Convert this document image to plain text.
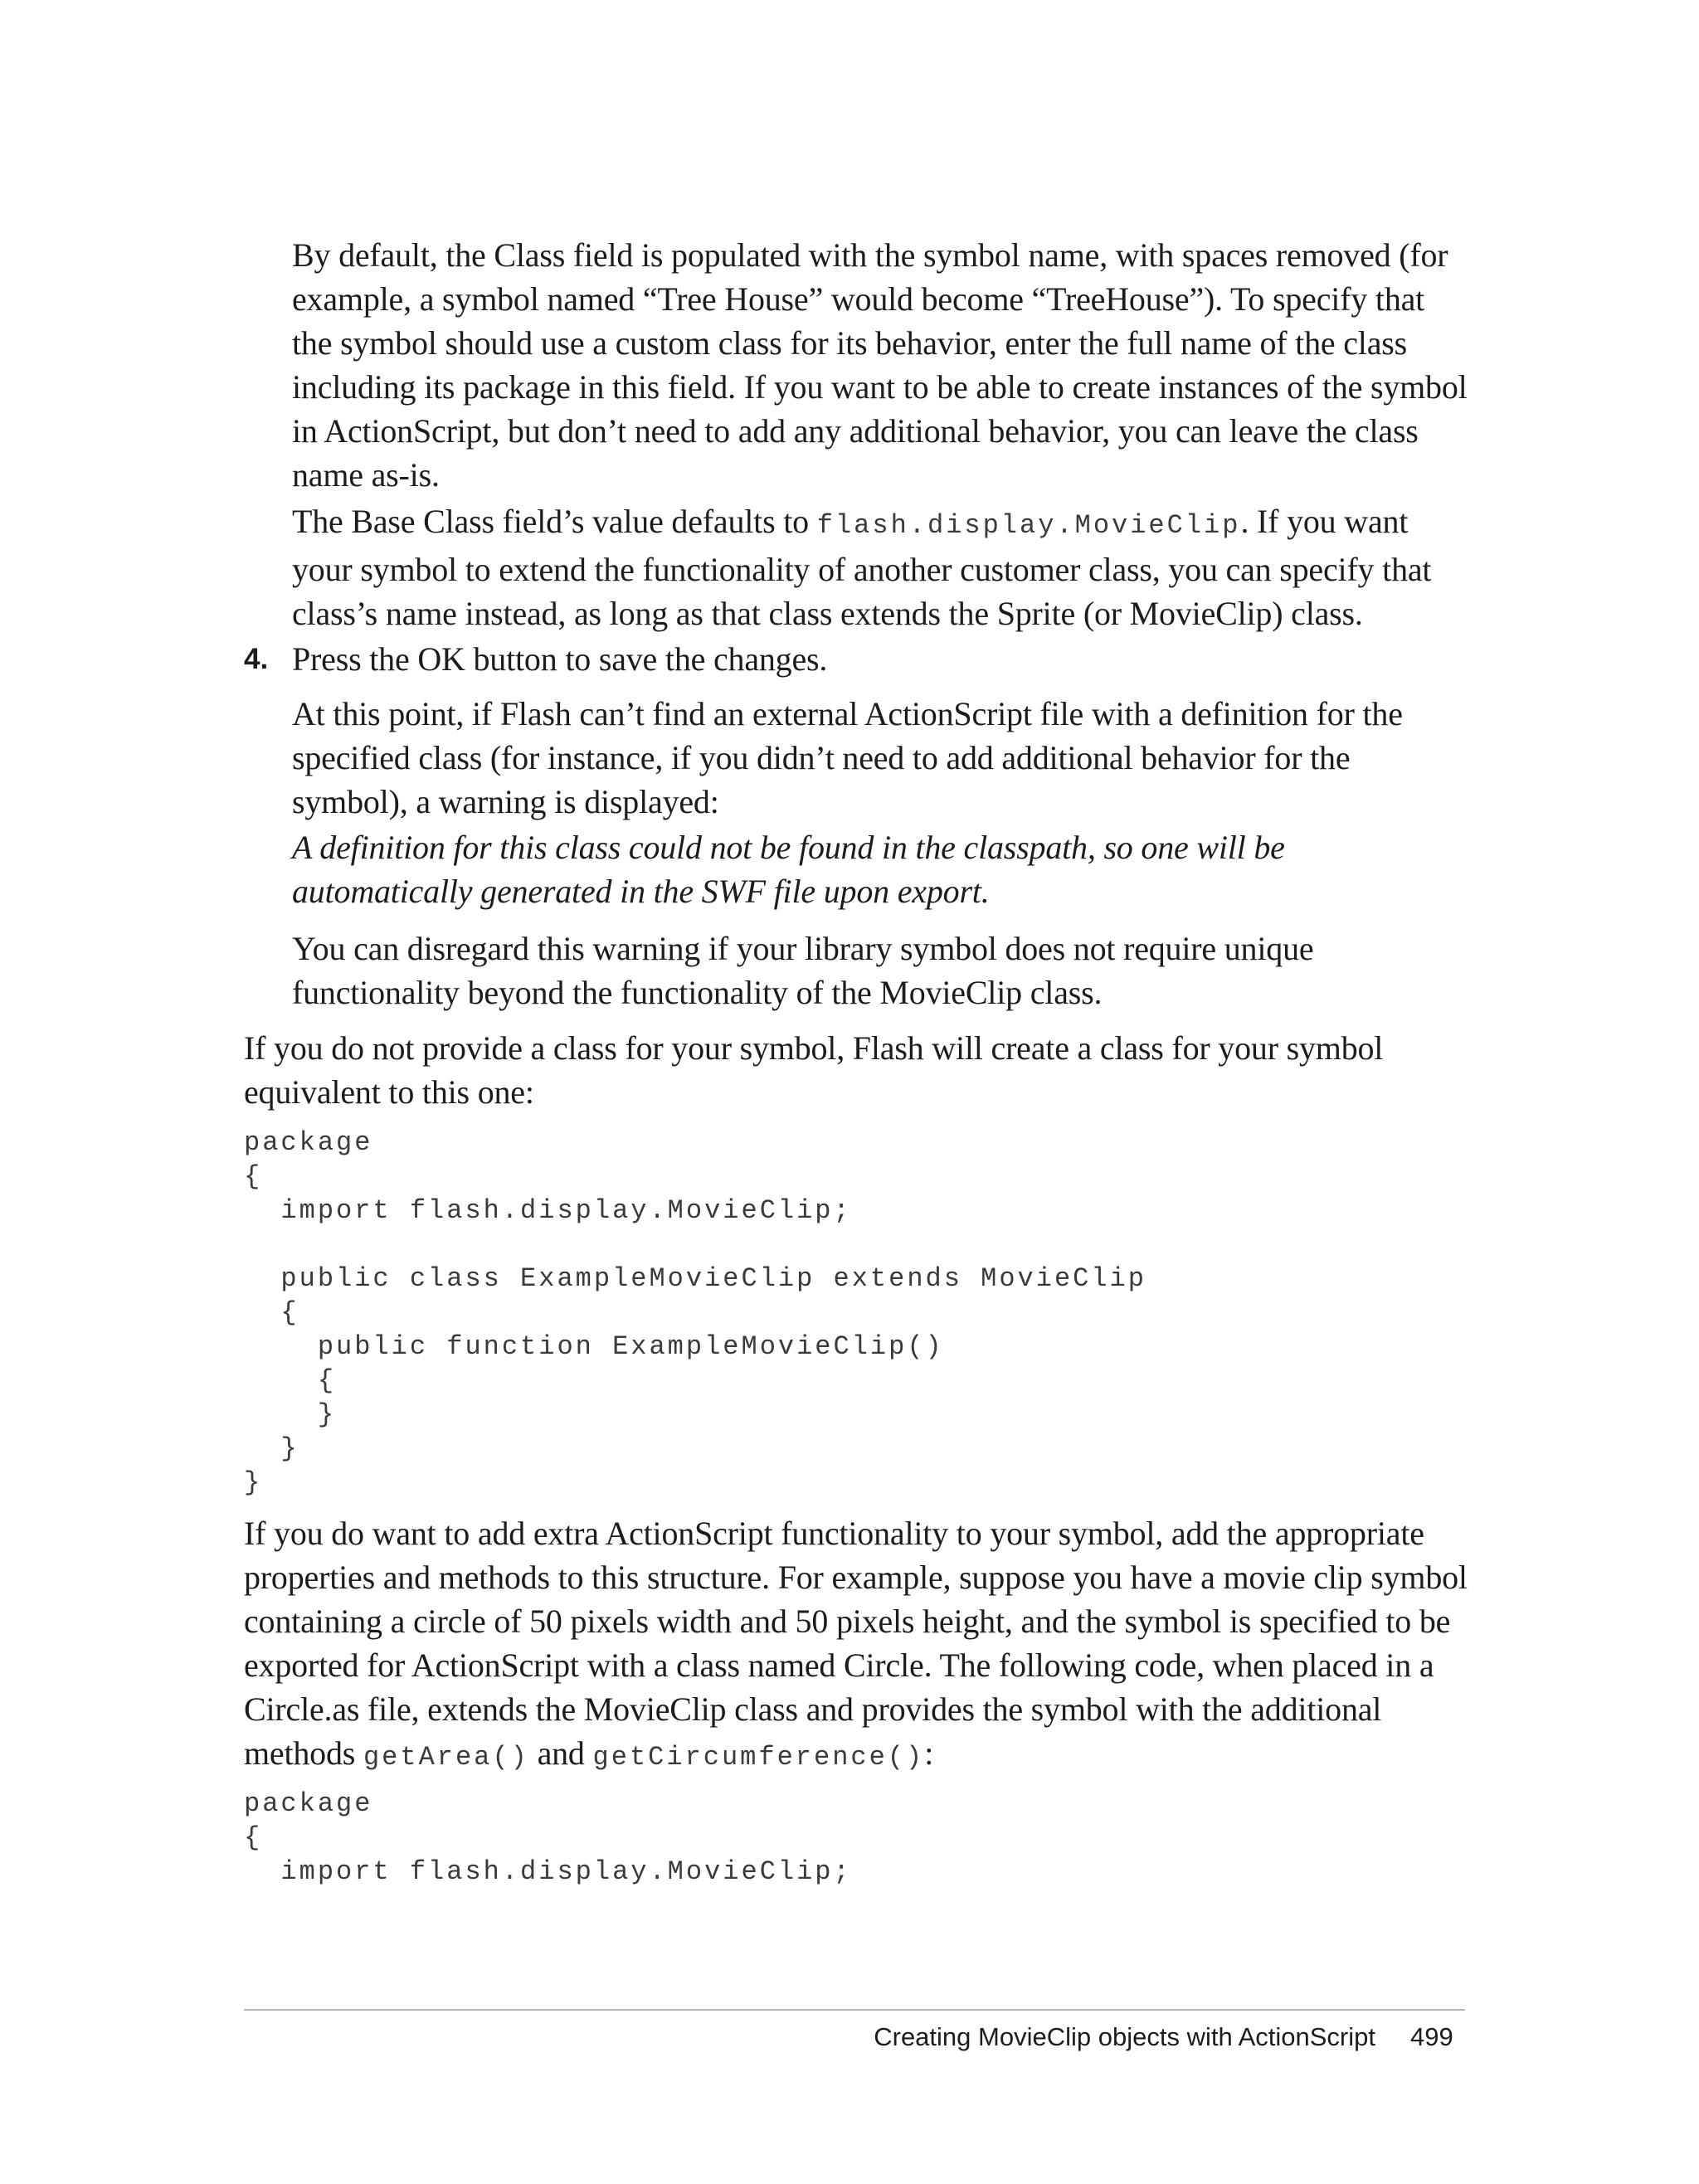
By default, the Class field is populated with the symbol name, with spaces removed (for example, a symbol named “Tree House” would become “TreeHouse”). To specify that the symbol should use a custom class for its behavior, enter the full name of the class including its package in this field. If you want to be able to create instances of the symbol in ActionScript, but don’t need to add any additional behavior, you can leave the class name as-is.

The Base Class field’s value defaults to flash.display.MovieClip. If you want your symbol to extend the functionality of another customer class, you can specify that class’s name instead, as long as that class extends the Sprite (or MovieClip) class.

4. Press the OK button to save the changes.

At this point, if Flash can’t find an external ActionScript file with a definition for the specified class (for instance, if you didn’t need to add additional behavior for the symbol), a warning is displayed:

A definition for this class could not be found in the classpath, so one will be automatically generated in the SWF file upon export.

You can disregard this warning if your library symbol does not require unique functionality beyond the functionality of the MovieClip class.

If you do not provide a class for your symbol, Flash will create a class for your symbol equivalent to this one:

package
{
import flash.display.MovieClip;
public class ExampleMovieClip extends MovieClip
{
public function ExampleMovieClip()
{
}
}
}

If you do want to add extra ActionScript functionality to your symbol, add the appropriate properties and methods to this structure. For example, suppose you have a movie clip symbol containing a circle of 50 pixels width and 50 pixels height, and the symbol is specified to be exported for ActionScript with a class named Circle. The following code, when placed in a Circle.as file, extends the MovieClip class and provides the symbol with the additional methods getArea() and getCircumference():

package
{
import flash.display.MovieClip;
Creating MovieClip objects with ActionScript 499
